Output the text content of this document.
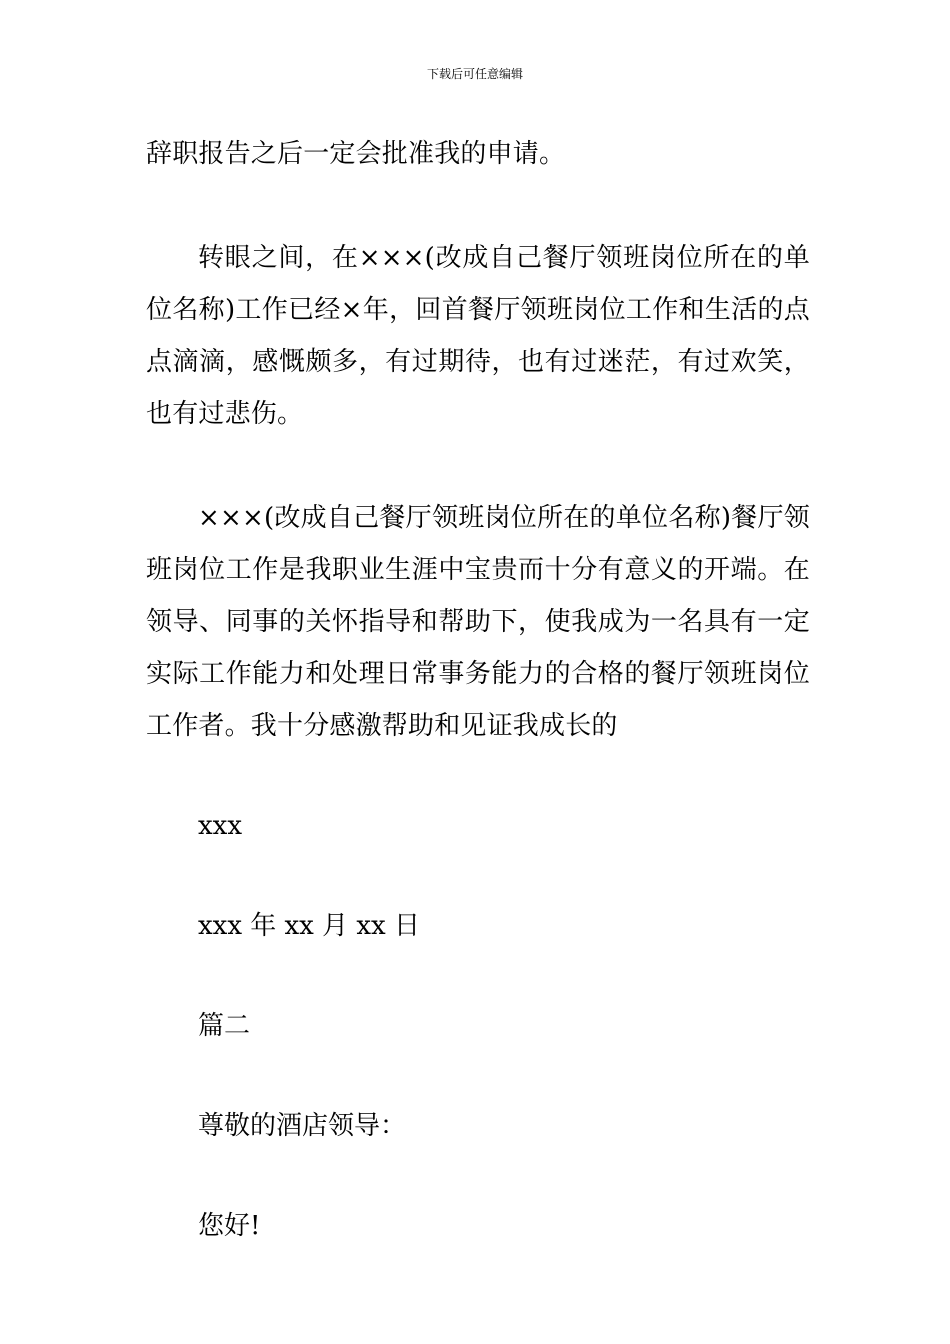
下载后可任意编辑

辞职报告之后一定会批准我的申请。

转眼之间，在×××(改成自己餐厅领班岗位所在的单位名称)工作已经×年，回首餐厅领班岗位工作和生活的点点滴滴，感慨颇多，有过期待，也有过迷茫，有过欢笑，也有过悲伤。

×××(改成自己餐厅领班岗位所在的单位名称)餐厅领班岗位工作是我职业生涯中宝贵而十分有意义的开端。在领导、同事的关怀指导和帮助下，使我成为一名具有一定实际工作能力和处理日常事务能力的合格的餐厅领班岗位工作者。我十分感激帮助和见证我成长的

xxx

xxx 年 xx 月 xx 日

篇二

尊敬的酒店领导：

您好!
